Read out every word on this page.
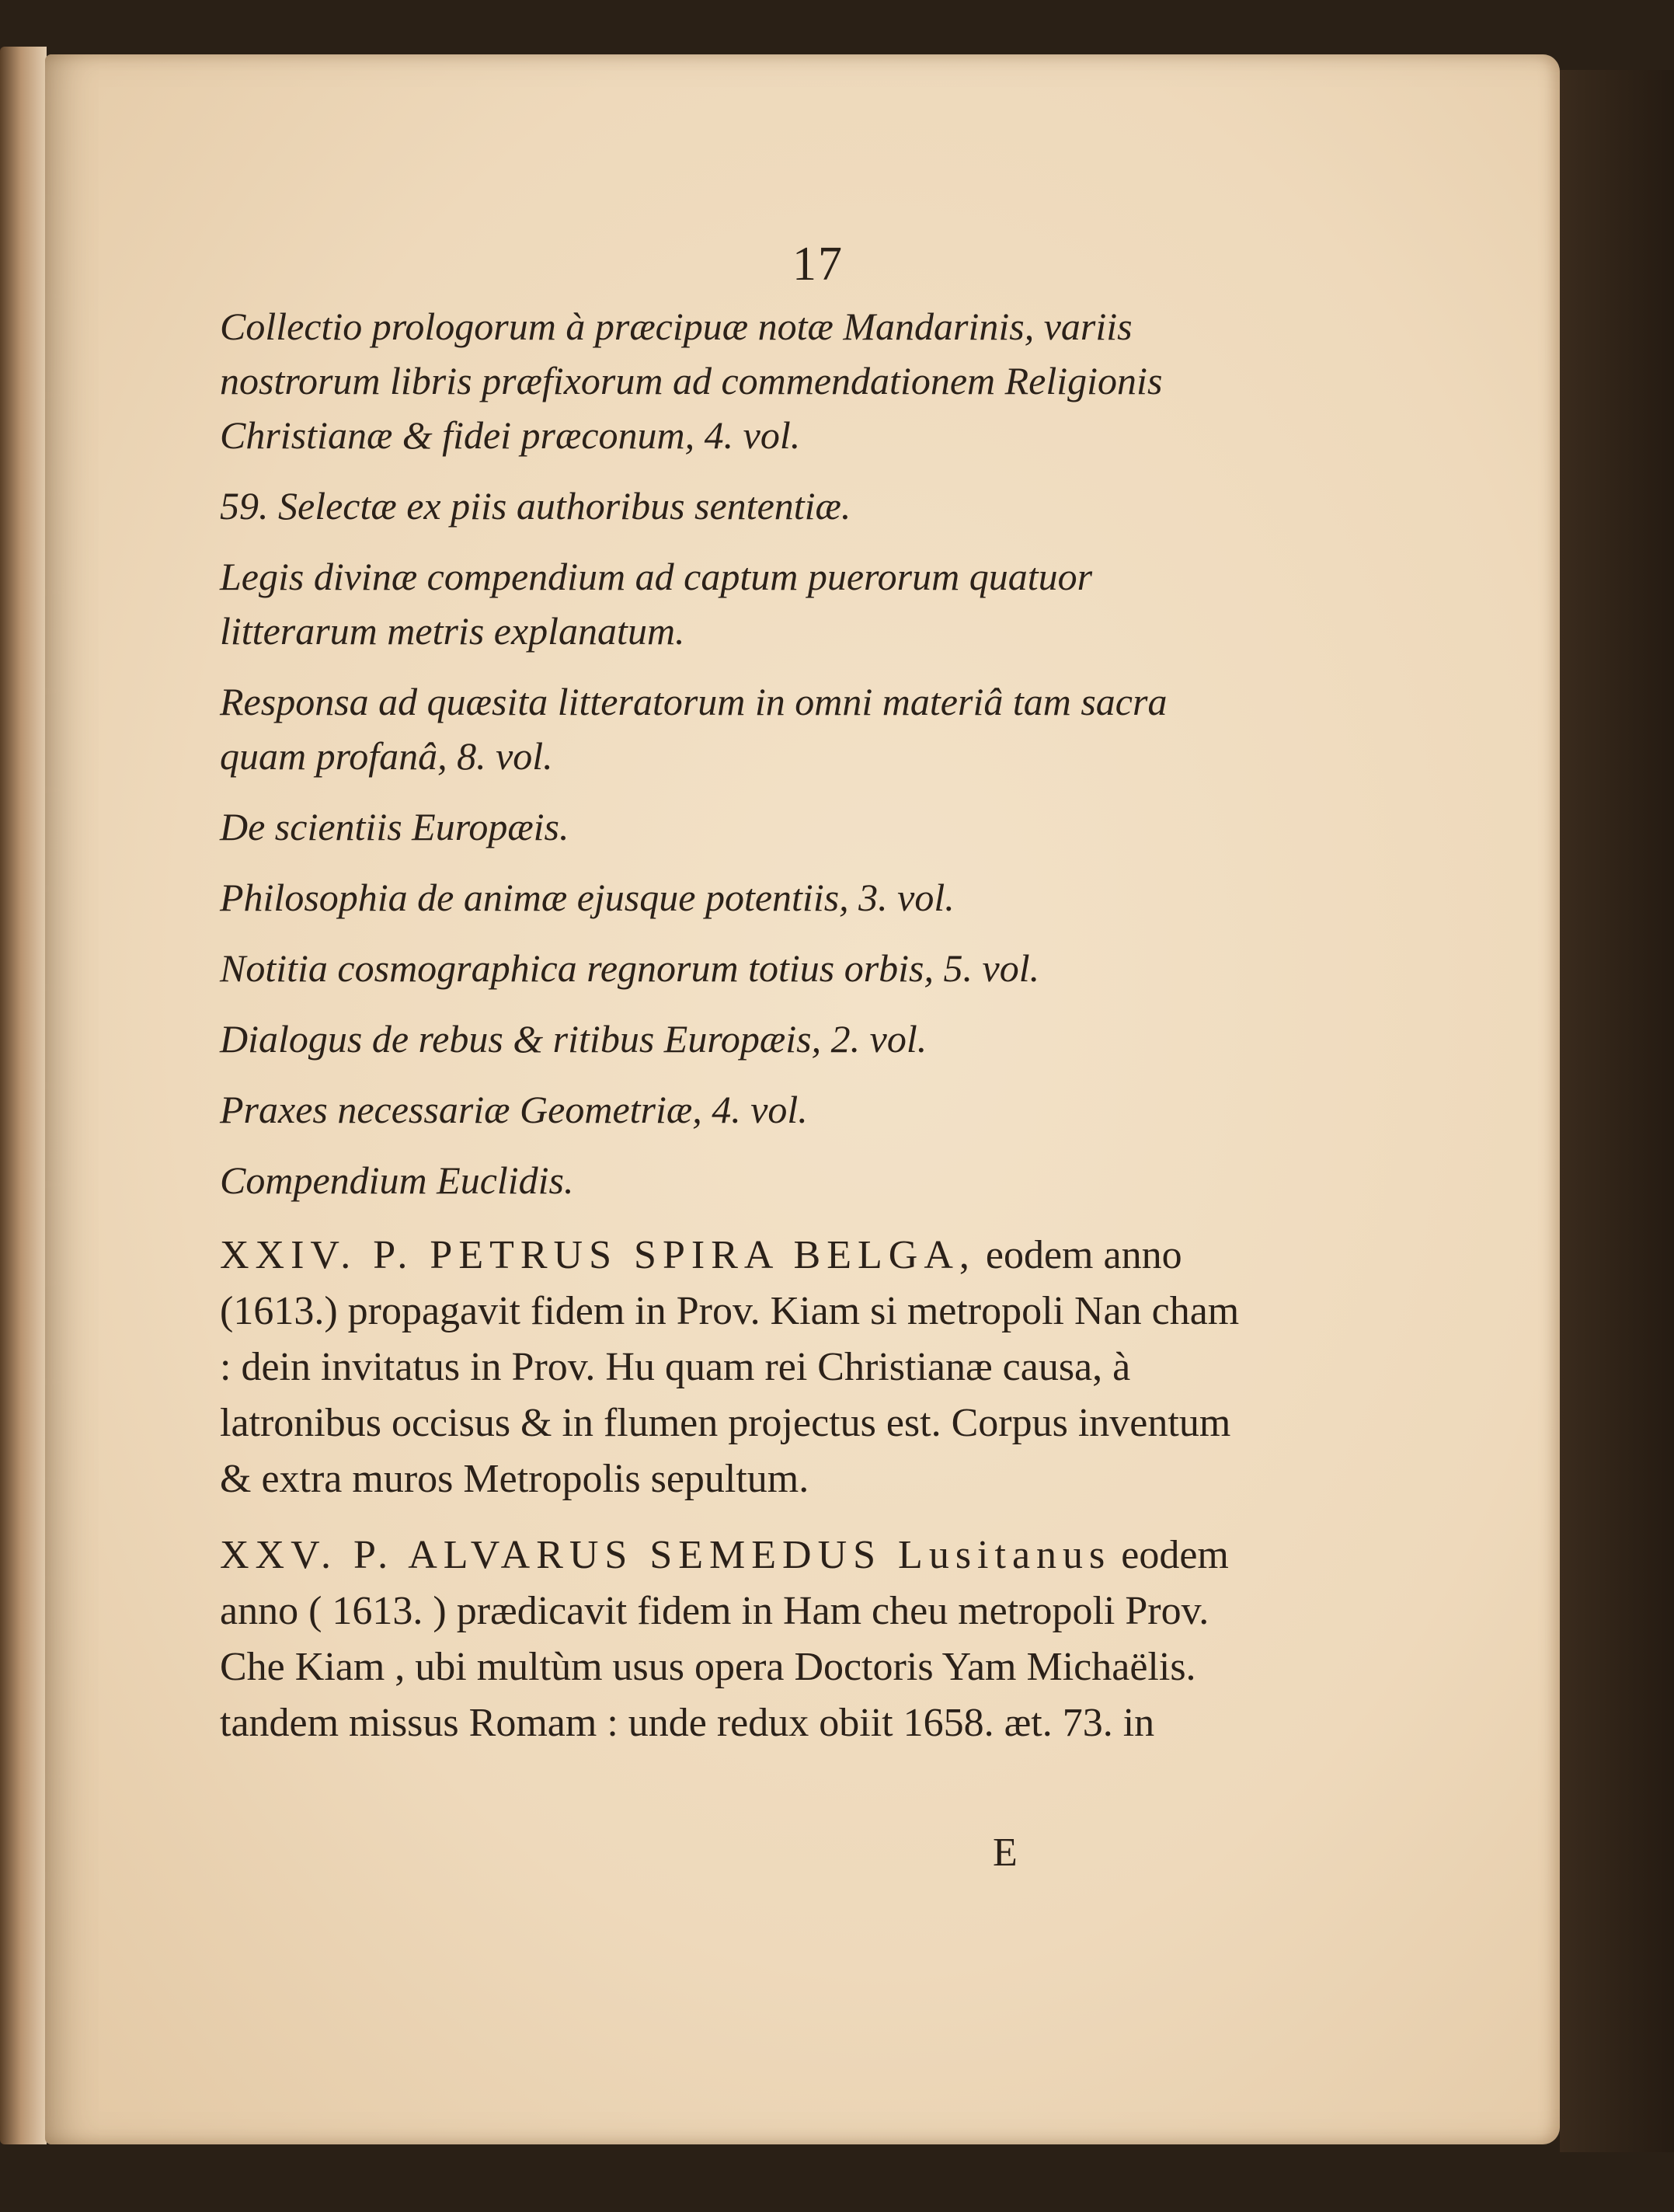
17
Collectio prologorum à præcipuæ notæ Mandarinis, variis nostrorum libris præfixorum ad commendationem Religionis Christianæ & fidei præconum, 4. vol.
59. Selectæ ex piis authoribus sententiæ.
Legis divinæ compendium ad captum puerorum quatuor litterarum metris explanatum.
Responsa ad quæsita litteratorum in omni materiâ tam sacra quam profanâ, 8. vol.
De scientiis Europæis.
Philosophia de animæ ejusque potentiis, 3. vol.
Notitia cosmographica regnorum totius orbis, 5. vol.
Dialogus de rebus & ritibus Europæis, 2. vol.
Praxes necessariæ Geometriæ, 4. vol.
Compendium Euclidis.
XXIV. P. PETRUS SPIRA BELGA, eodem anno (1613.) propagavit fidem in Prov. Kiam si metropoli Nan cham : dein invitatus in Prov. Hu quam rei Christianæ causa, à latronibus occisus & in flumen projectus est. Corpus inventum & extra muros Metropolis sepultum.
XXV. P. ALVARUS SEMEDUS Lusitanus eodem anno ( 1613. ) prædicavit fidem in Ham cheu metropoli Prov. Che Kiam , ubi multùm usus opera Doctoris Yam Michaëlis. tandem missus Romam : unde redux obiit 1658. æt. 73. in
E
